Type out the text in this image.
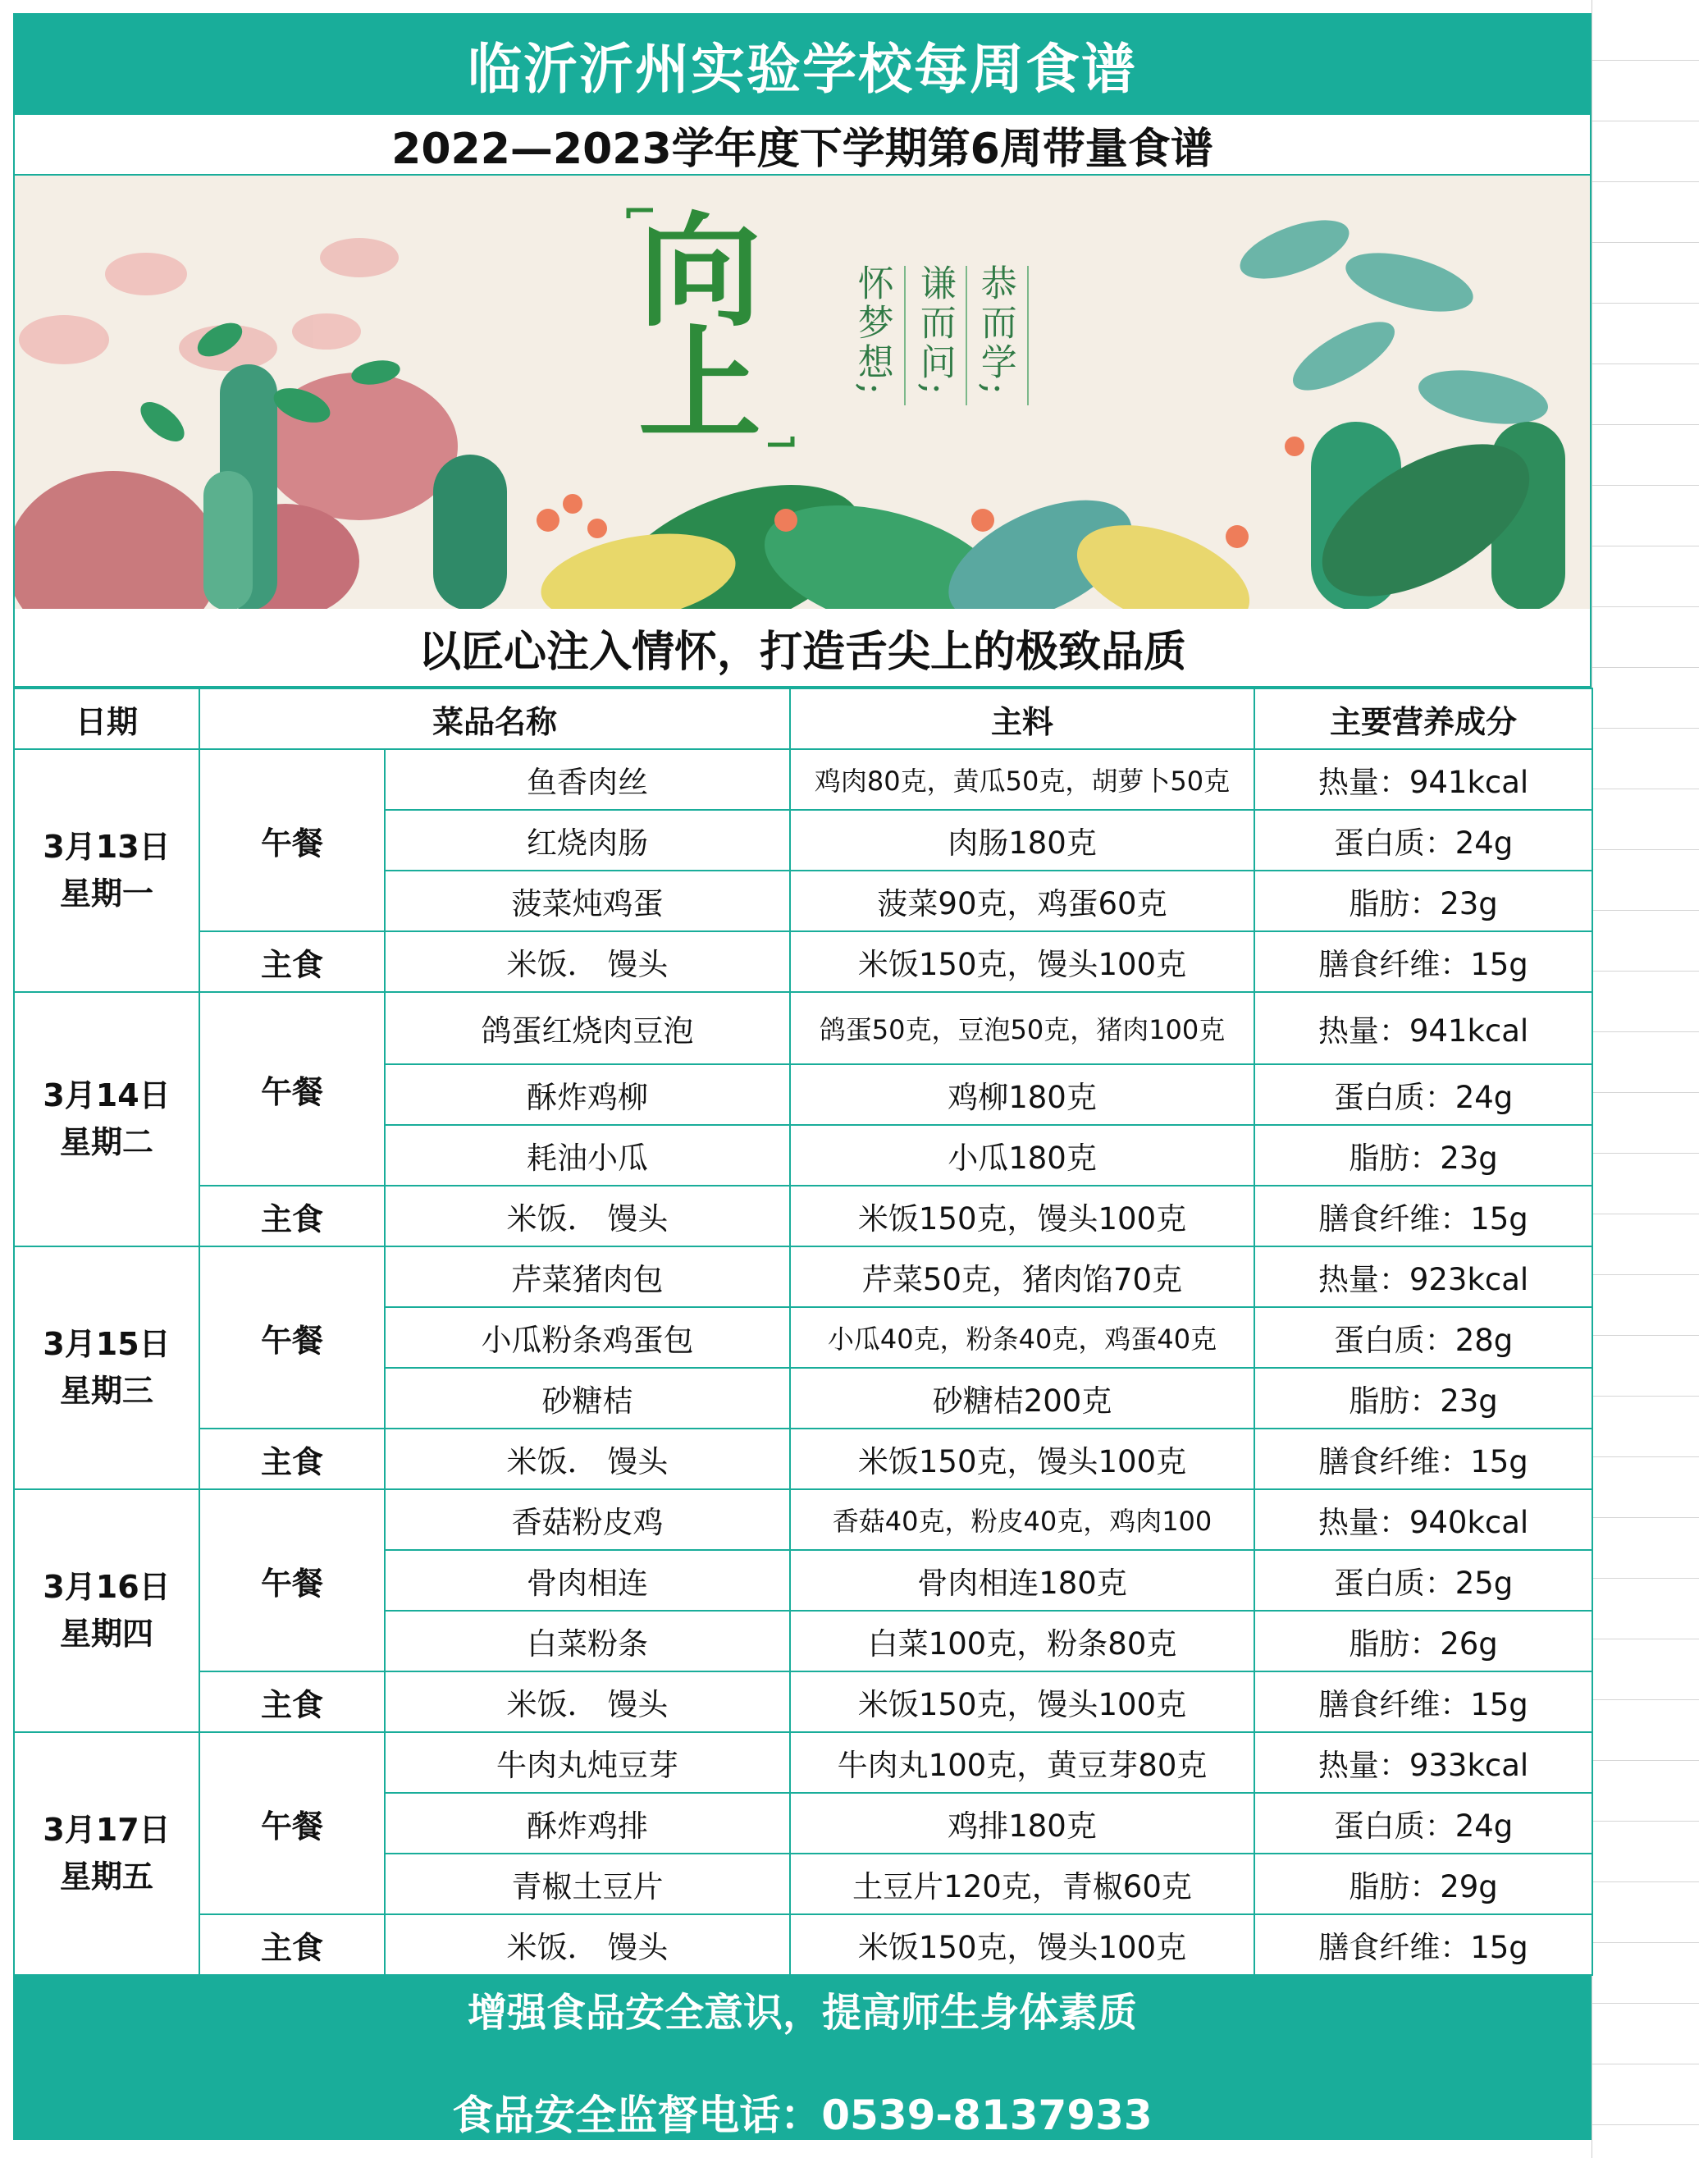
临沂沂州实验学校每周食谱
2022—2023学年度下学期第6周带量食谱
向
上	恭而学;
谦而问;
怀梦想;
以匠心注入情怀，打造舌尖上的极致品质
日期	菜品名称		主料	主要营养成分

3月13日
星期一	午餐	鱼香肉丝	鸡肉80克，黄瓜50克，胡萝卜50克	热量：941kcal
		红烧肉肠	肉肠180克	蛋白质：24g
		菠菜炖鸡蛋	菠菜90克，鸡蛋60克	脂肪：23g
	主食	米饭． 馒头	米饭150克，馒头100克	膳食纤维：15g

3月14日
星期二	午餐	鸽蛋红烧肉豆泡	鸽蛋50克，豆泡50克，猪肉100克	热量：941kcal
		酥炸鸡柳	鸡柳180克	蛋白质：24g
		耗油小瓜	小瓜180克	脂肪：23g
	主食	米饭． 馒头	米饭150克，馒头100克	膳食纤维：15g

3月15日
星期三	午餐	芹菜猪肉包	芹菜50克，猪肉馅70克	热量：923kcal
		小瓜粉条鸡蛋包	小瓜40克，粉条40克，鸡蛋40克	蛋白质：28g
		砂糖桔	砂糖桔200克	脂肪：23g
	主食	米饭． 馒头	米饭150克，馒头100克	膳食纤维：15g

3月16日
星期四	午餐	香菇粉皮鸡	香菇40克，粉皮40克，鸡肉100	热量：940kcal
		骨肉相连	骨肉相连180克	蛋白质：25g
		白菜粉条	白菜100克，粉条80克	脂肪：26g
	主食	米饭． 馒头	米饭150克，馒头100克	膳食纤维：15g

3月17日
星期五	午餐	牛肉丸炖豆芽	牛肉丸100克，黄豆芽80克	热量：933kcal
		酥炸鸡排	鸡排180克	蛋白质：24g
		青椒土豆片	土豆片120克，青椒60克	脂肪：29g
	主食	米饭． 馒头	米饭150克，馒头100克	膳食纤维：15g
增强食品安全意识，提高师生身体素质
食品安全监督电话：0539-8137933
